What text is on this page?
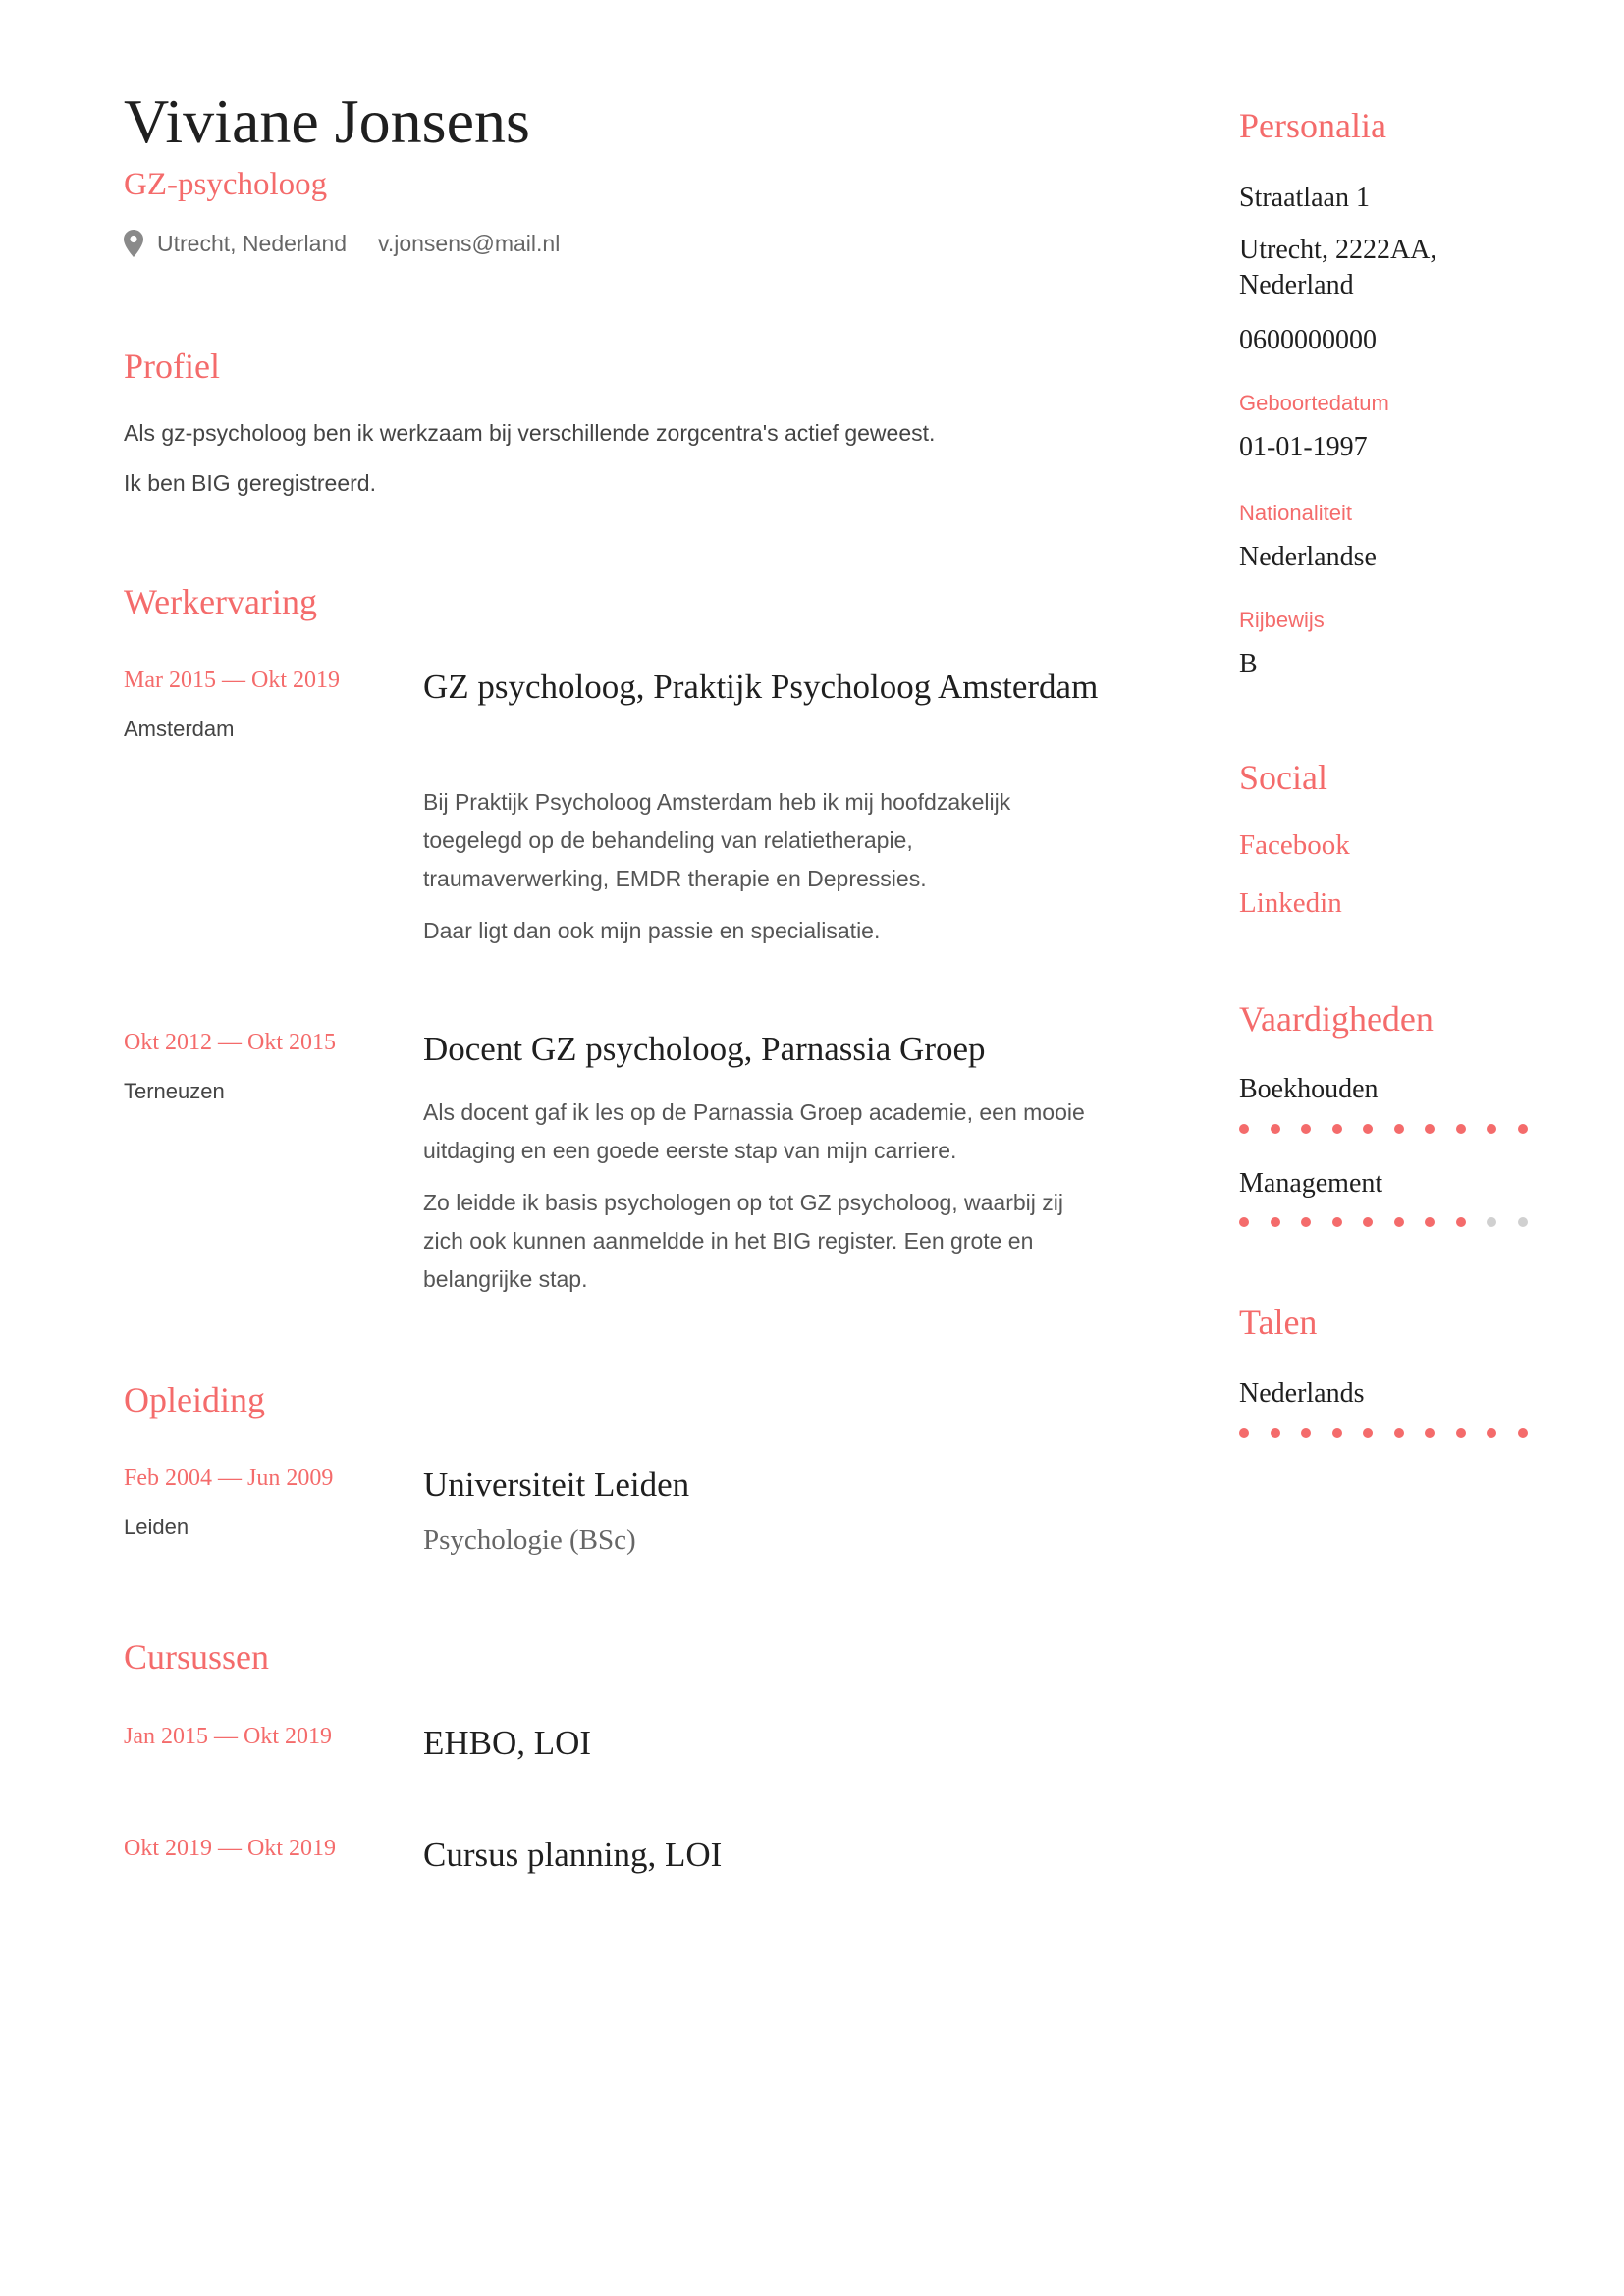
Viviane Jonsens
GZ-psycholoog
Utrecht, Nederland v.jonsens@mail.nl
Profiel

Als gz-psycholoog ben ik werkzaam bij verschillende zorgcentra's actief geweest.

Ik ben BIG geregistreerd.

Werkervaring
Mar 2015 — Okt 2019
Amsterdam
GZ psycholoog, Praktijk Psycholoog Amsterdam

Bij Praktijk Psycholoog Amsterdam heb ik mij hoofdzakelijk toegelegd op de behandeling van relatietherapie, traumaverwerking, EMDR therapie en Depressies.

Daar ligt dan ook mijn passie en specialisatie.

Okt 2012 — Okt 2015
Terneuzen
Docent GZ psycholoog, Parnassia Groep

Als docent gaf ik les op de Parnassia Groep academie, een mooie uitdaging en een goede eerste stap van mijn carriere.

Zo leidde ik basis psychologen op tot GZ psycholoog, waarbij zij zich ook kunnen aanmeldde in het BIG register. Een grote en belangrijke stap.

Opleiding
Feb 2004 — Jun 2009
Leiden
Universiteit Leiden
Psychologie (BSc)
Cursussen
Jan 2015 — Okt 2019	EHBO, LOI
Okt 2019 — Okt 2019	Cursus planning, LOI
Personalia
Straatlaan 1
Utrecht, 2222AA,
Nederland
0600000000
Geboortedatum
01-01-1997
Nationaliteit
Nederlandse
Rijbewijs
B
Social
Facebook
Linkedin
Vaardigheden
Boekhouden
Management
Talen
Nederlands
